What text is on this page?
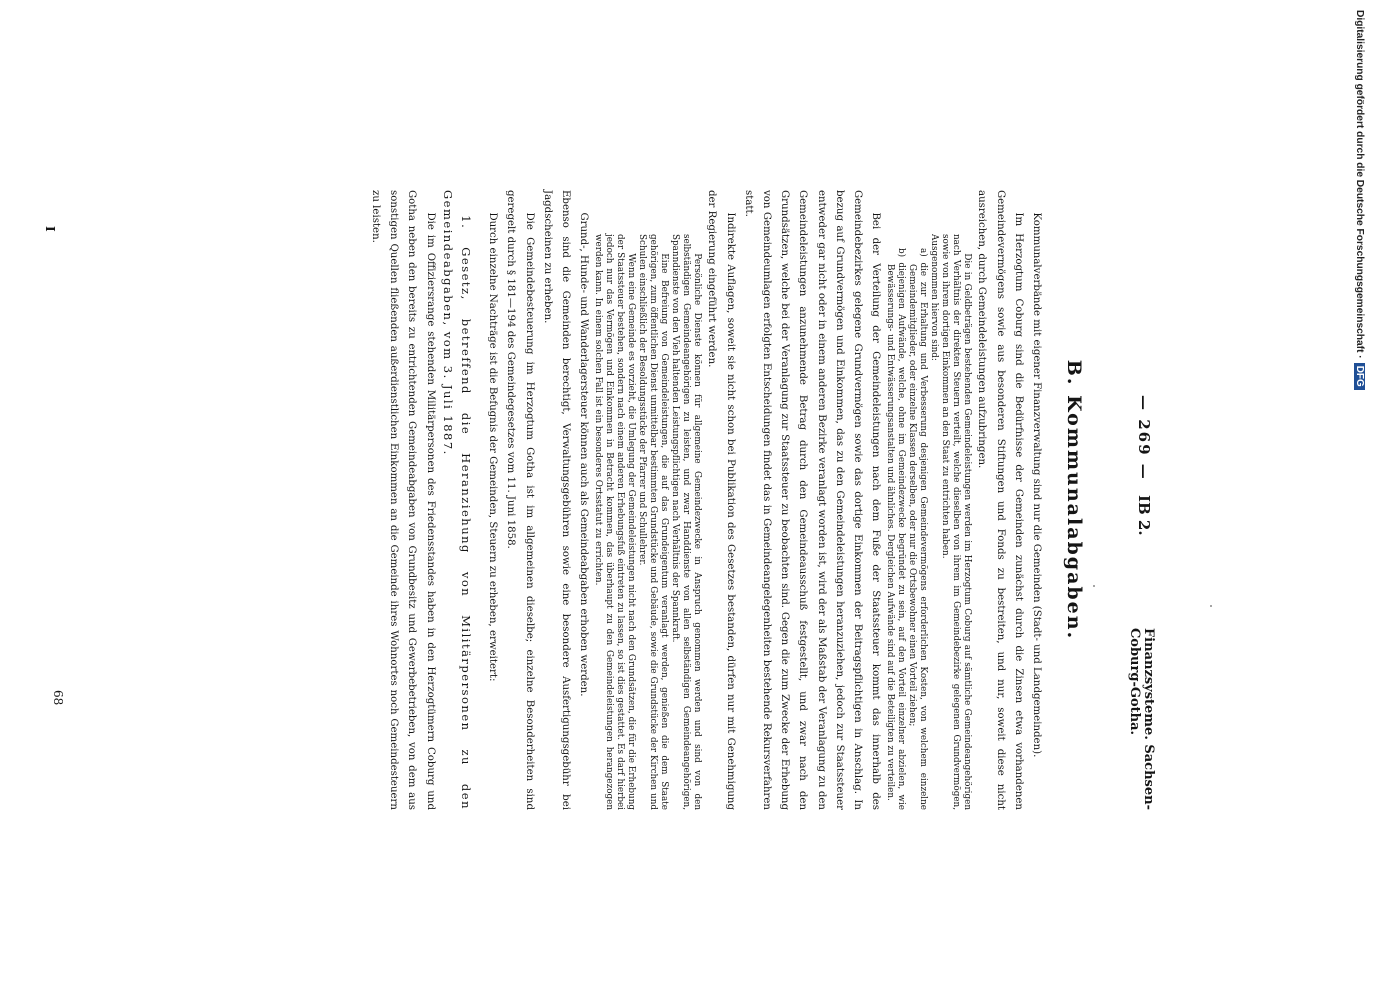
— 269 —
IB 2.
Finanzsysteme. Sachsen-
Coburg-Gotha.
B. Kommunalabgaben.

Kommunalverbände mit eigener Finanzverwaltung sind nur die Gemeinden (Stadt- und Landgemeinden).

Im Herzogtum Coburg sind die Bedürfnisse der Gemeinden zunächst durch die Zinsen etwa vorhandenen Gemeindevermögens sowie aus besonderen Stiftungen und Fonds zu bestreiten, und nur, soweit diese nicht ausreichen, durch Gemeindeleistungen aufzubringen.

Die in Geldbeträgen bestehenden Gemeindeleistungen werden im Herzogtum Coburg auf sämtliche Gemeindeangehörigen nach Verhältnis der direkten Steuern verteilt, welche dieselben von ihrem im Gemeindebezirke gelegenen Grundvermögen, sowie von ihrem dortigen Einkommen an den Staat zu entrichten haben.

Ausgenommen hiervon sind:

a) die zur Erhaltung und Verbesserung desjenigen Gemeindevermögens erforderlichen Kosten, von welchem einzelne Gemeindemitglieder, oder einzelne Klassen derselben, oder nur die Ortsbewohner einen Vorteil ziehen;

b) diejenigen Aufwände, welche, ohne im Gemeindezwecke begründet zu sein, auf den Vorteil einzelner abzielen, wie Bewässerungs- und Entwässerungsanstalten und ähnliches. Dergleichen Aufwände sind auf die Beteiligten zu verteilen.

Bei der Verteilung der Gemeindeleistungen nach dem Fuße der Staatssteuer kommt das innerhalb des Gemeindebezirkes gelegene Grundvermögen sowie das dortige Einkommen der Beitragspflichtigen in Anschlag. In bezug auf Grundvermögen und Einkommen, das zu den Gemeindeleistungen heranzuziehen, jedoch zur Staatssteuer entweder gar nicht oder in einem anderen Bezirke veranlagt worden ist, wird der als Maßstab der Veranlagung zu den Gemeindeleistungen anzunehmende Betrag durch den Gemeindeausschuß festgestellt, und zwar nach den Grundsätzen, welche bei der Veranlagung zur Staatssteuer zu beobachten sind. Gegen die zum Zwecke der Erhebung von Gemeindeumlagen erfolgten Entscheidungen findet das in Gemeindeangelegenheiten bestehende Rekursverfahren statt.

Indirekte Auflagen, soweit sie nicht schon bei Publikation des Gesetzes bestanden, dürfen nur mit Genehmigung der Regierung eingeführt werden.

Persönliche Dienste können für allgemeine Gemeindezwecke in Anspruch genommen werden und sind von den selbständigen Gemeindeangehörigen zu leisten, und zwar Handdienste von allen selbständigen Gemeindeangehörigen, Spanndienste von den Vieh haltenden Leistungspflichtigen nach Verhältnis der Spannkraft.

Eine Befreiung von Gemeindeleistungen, die auf das Grundeigentum veranlagt werden, genießen die dem Staate gehörigen, zum öffentlichen Dienst unmittelbar bestimmten Grundstücke und Gebäude, sowie die Grundstücke der Kirchen und Schulen einschließlich der Besoldungsstücke der Pfarrer und Schullehrer.

Wenn eine Gemeinde es vorzieht, die Umlegung der Gemeindeleistungen nicht nach den Grundsätzen, die für die Erhebung der Staatssteuer bestehen, sondern nach einem anderen Erhebungsfuß eintreten zu lassen, so ist dies gestattet. Es darf hierbei jedoch nur das Vermögen und Einkommen in Betracht kommen, das überhaupt zu den Gemeindeleistungen herangezogen werden kann. In einem solchen Fall ist ein besonderes Ortsstatut zu errichten.

Grund-, Hunde- und Wanderlagersteuer können auch als Gemeindeabgaben erhoben werden.

Ebenso sind die Gemeinden berechtigt, Verwaltungsgebühren sowie eine besondere Ausfertigungsgebühr bei Jagdscheinen zu erheben.

Die Gemeindebesteuerung im Herzogtum Gotha ist im allgemeinen dieselbe; einzelne Besonderheiten sind geregelt durch § 181—194 des Gemeindegesetzes vom 11. Juni 1858.

Durch einzelne Nachträge ist die Befugnis der Gemeinden, Steuern zu erheben, erweitert:

1. Gesetz, betreffend die Heranziehung von Militärpersonen zu den Gemeindeabgaben, vom 3. Juli 1887.

Die im Offiziersrange stehenden Militärpersonen des Friedensstandes haben in den Herzogtümern Coburg und Gotha neben den bereits zu entrichtenden Gemeindeabgaben von Grundbesitz und Gewerbebetrieben, von dem aus sonstigen Quellen fließenden außerdienstlichen Einkommen an die Gemeinde ihres Wohnortes noch Gemeindesteuern zu leisten.

I
68
Digitalisierung gefördert durch die Deutsche Forschungsgemeinschaft ·DFG
